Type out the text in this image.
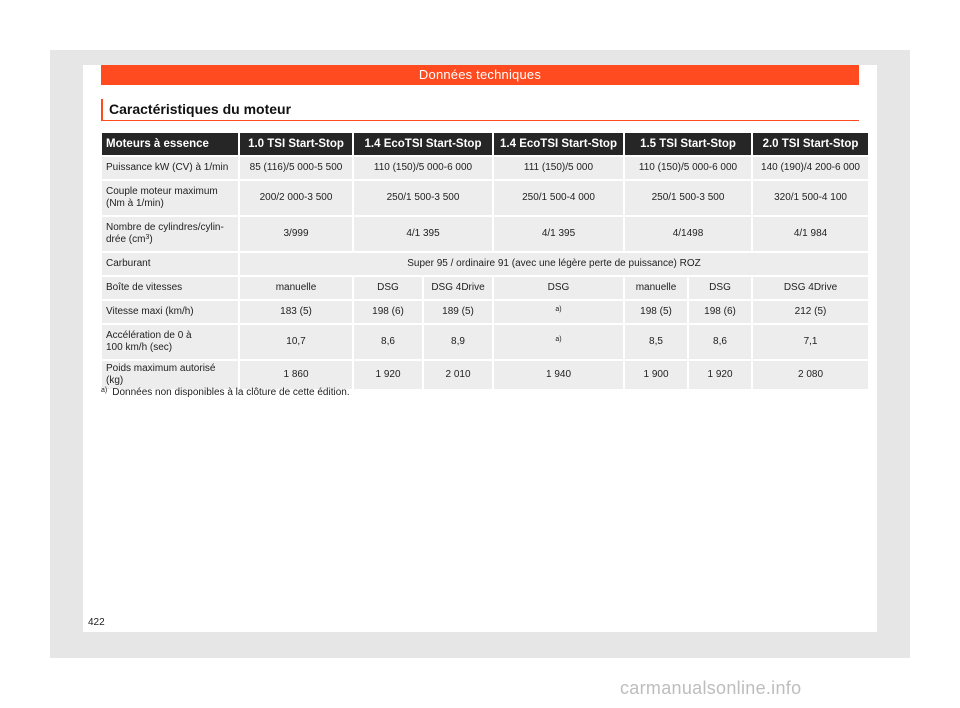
Données techniques
Caractéristiques du moteur
Moteurs à essence	1.0 TSI Start-Stop	1.4 EcoTSI Start-Stop		1.4 EcoTSI Start-Stop	1.5 TSI Start-Stop		2.0 TSI Start-Stop
Puissance kW (CV) à 1/min	85 (116)/5 000-5 500	110 (150)/5 000-6 000		111 (150)/5 000	110 (150)/5 000-6 000		140 (190)/4 200-6 000
Couple moteur maximum
(Nm à 1/min)	200/2 000-3 500	250/1 500-3 500		250/1 500-4 000	250/1 500-3 500		320/1 500-4 100
Nombre de cylindres/cylin-
drée $(cm^3)$	3/999	4/1 395		4/1 395	4/1498		4/1 984
Carburant	Super 95 / ordinaire 91 (avec une légère perte de puissance) ROZ						
Boîte de vitesses	manuelle	DSG	DSG 4Drive	DSG	manuelle	DSG	DSG 4Drive
Vitesse maxi (km/h)	183 (5)	198 (6)	189 (5)	$^{a)}$	198 (5)	198 (6)	212 (5)
Accélération de 0 à
100 km/h (sec)	10,7	8,6	8,9	$^{a)}$	8,5	8,6	7,1
Poids maximum autorisé (kg)	1 860	1 920	2 010	1 940	1 900	1 920	2 080
$^{a)}$ Données non disponibles à la clôture de cette édition.
422
carmanualsonline.info
